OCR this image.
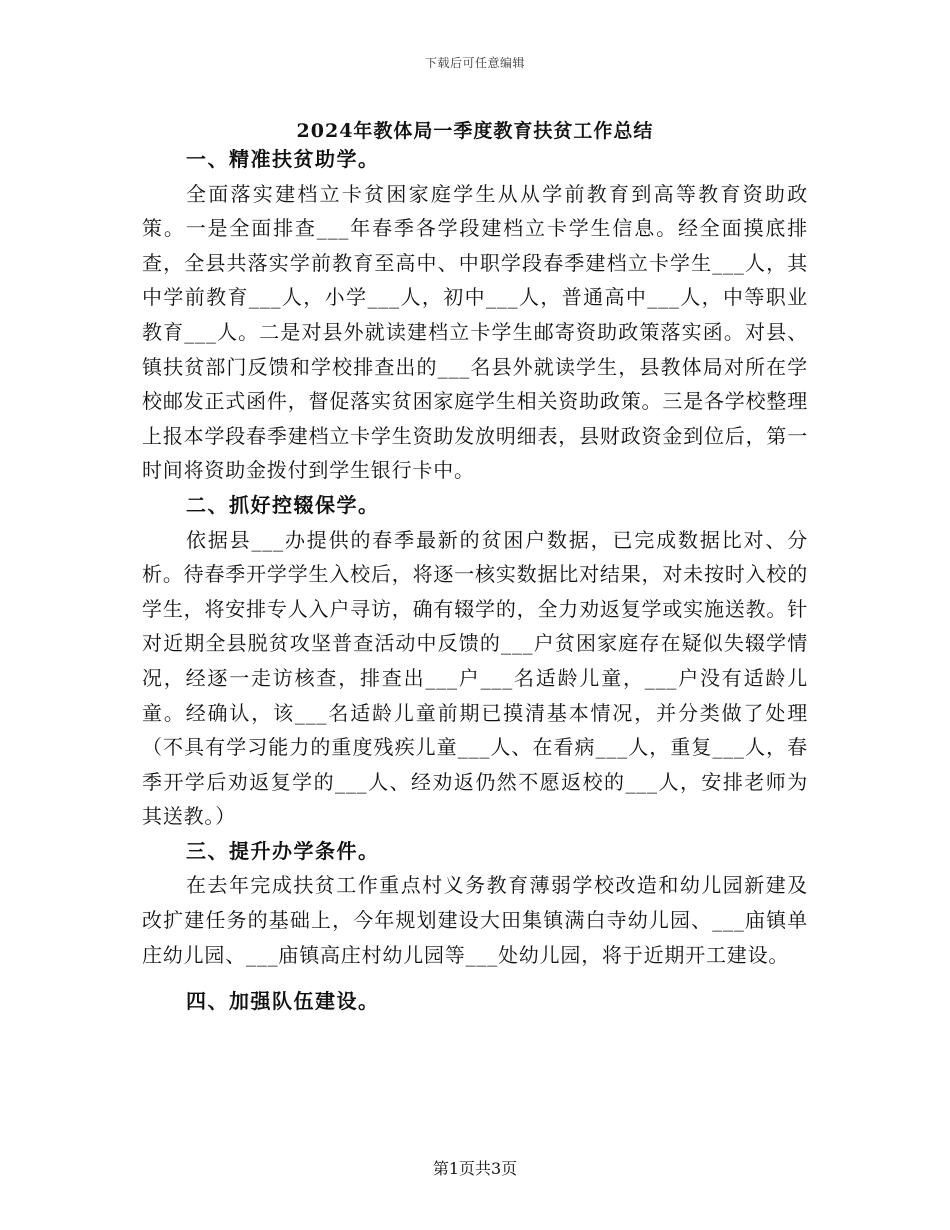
下载后可任意编辑
2024年教体局一季度教育扶贫工作总结

一、精准扶贫助学。

全面落实建档立卡贫困家庭学生从从学前教育到高等教育资助政策。一是全面排查___年春季各学段建档立卡学生信息。经全面摸底排查，全县共落实学前教育至高中、中职学段春季建档立卡学生___人，其中学前教育___人，小学___人，初中___人，普通高中___人，中等职业教育___人。二是对县外就读建档立卡学生邮寄资助政策落实函。对县、镇扶贫部门反馈和学校排查出的___名县外就读学生，县教体局对所在学校邮发正式函件，督促落实贫困家庭学生相关资助政策。三是各学校整理上报本学段春季建档立卡学生资助发放明细表，县财政资金到位后，第一时间将资助金拨付到学生银行卡中。

二、抓好控辍保学。

依据县___办提供的春季最新的贫困户数据，已完成数据比对、分析。待春季开学学生入校后，将逐一核实数据比对结果，对未按时入校的学生，将安排专人入户寻访，确有辍学的，全力劝返复学或实施送教。针对近期全县脱贫攻坚普查活动中反馈的___户贫困家庭存在疑似失辍学情况，经逐一走访核查，排查出___户___名适龄儿童，___户没有适龄儿童。经确认，该___名适龄儿童前期已摸清基本情况，并分类做了处理（不具有学习能力的重度残疾儿童___人、在看病___人，重复___人，春季开学后劝返复学的___人、经劝返仍然不愿返校的___人，安排老师为其送教。）

三、提升办学条件。

在去年完成扶贫工作重点村义务教育薄弱学校改造和幼儿园新建及改扩建任务的基础上，今年规划建设大田集镇满白寺幼儿园、___庙镇单庄幼儿园、___庙镇高庄村幼儿园等___处幼儿园，将于近期开工建设。

四、加强队伍建设。

第1页共3页
